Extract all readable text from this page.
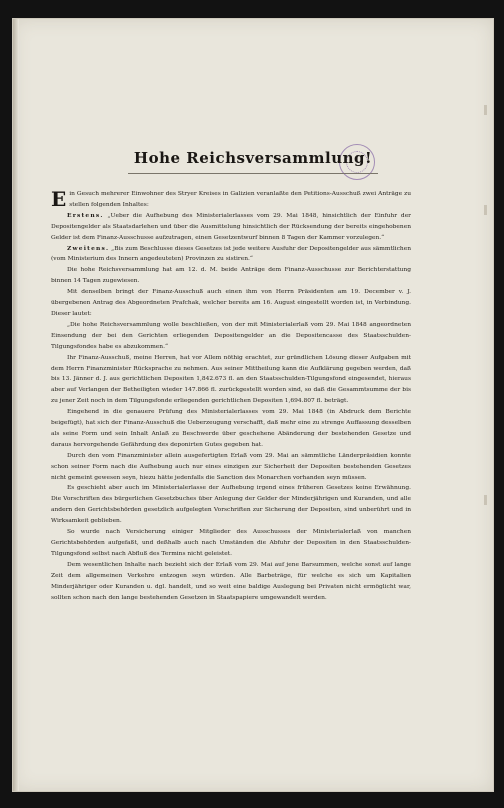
Hohe Reichsversammlung!

Ein Gesuch mehrerer Einwohner des Stryer Kreises in Galizien veranlaßte den Petitions-Ausschuß zwei Anträge zu stellen folgenden Inhaltes:

Erstens. „Ueber die Aufhebung des Ministerialerlasses vom 29. Mai 1848, hinsichtlich der Einfuhr der Depositengelder als Staatsdarlehen und über die Ausmittelung hinsichtlich der Rücksendung der bereits eingehobenen Gelder ist dem Finanz-Ausschusse aufzutragen, einen Gesetzentwurf binnen 8 Tagen der Kammer vorzulegen.“

Zweitens. „Bis zum Beschlusse dieses Gesetzes ist jede weitere Ausfuhr der Depositengelder aus sämmtlichen (vom Ministerium des Innern angedeuteten) Provinzen zu sistiren.“

Die hohe Reichsversammlung hat am 12. d. M. beide Anträge dem Finanz-Ausschusse zur Berichterstattung binnen 14 Tagen zugewiesen.

Mit denselben bringt der Finanz-Ausschuß auch einen ihm von Herrn Präsidenten am 19. December v. J. übergebenen Antrag des Abgeordneten Prafchak, welcher bereits am 16. August eingestellt worden ist, in Verbindung. Dieser lautet:

„Die hohe Reichsversammlung wolle beschließen, von der mit Ministerialerlaß vom 29. Mai 1848 angeordneten Einsendung der bei den Gerichten erliegenden Depositengelder an die Depositencasse des Staatsschulden-Tilgungsfondes habe es abzukommen.“

Ihr Finanz-Ausschuß, meine Herren, hat vor Allem nöthig erachtet, zur gründlichen Lösung dieser Aufgaben mit dem Herrn Finanzminister Rücksprache zu nehmen. Aus seiner Mittheilung kann die Aufklärung gegeben werden, daß bis 13. Jänner d. J. aus gerichtlichen Depositen 1,842.673 fl. an den Staatsschulden-Tilgungsfond eingesendet, hieraus aber auf Verlangen der Betheiligten wieder 147.866 fl. zurückgestellt worden sind, so daß die Gesammtsumme der bis zu jener Zeit noch in dem Tilgungsfonde erliegenden gerichtlichen Depositen 1,694.807 fl. beträgt.

Eingehend in die genauere Prüfung des Ministerialerlasses vom 29. Mai 1848 (in Abdruck dem Berichte beigefügt), hat sich der Finanz-Ausschuß die Ueberzeugung verschafft, daß mehr eine zu strenge Auffassung desselben als seine Form und sein Inhalt Anlaß zu Beschwerde über geschehene Abänderung der bestehenden Gesetze und daraus hervorgehende Gefährdung des deponirten Gutes gegeben hat.

Durch den vom Finanzminister allein ausgefertigten Erlaß vom 29. Mai an sämmtliche Länderpräsidien konnte schon seiner Form nach die Aufhebung auch nur eines einzigen zur Sicherheit der Depositen bestehenden Gesetzes nicht gemeint gewesen seyn, hiezu hätte jedenfalls die Sanction des Monarchen vorhanden seyn müssen.

Es geschieht aber auch im Ministerialerlasse der Aufhebung irgend eines früheren Gesetzes keine Erwähnung. Die Vorschriften des bürgerlichen Gesetzbuches über Anlegung der Gelder der Minderjährigen und Kuranden, und alle andern den Gerichtsbehörden gesetzlich aufgelegten Vorschriften zur Sicherung der Depositen, sind unberührt und in Wirksamkeit geblieben.

So wurde nach Versicherung einiger Mitglieder des Ausschusses der Ministerialerlaß von manchen Gerichtsbehörden aufgefaßt, und deßhalb auch nach Umständen die Abfuhr der Depositen in den Staatsschulden-Tilgungsfond selbst nach Abfluß des Termins nicht geleistet.

Dem wesentlichen Inhalte nach bezieht sich der Erlaß vom 29. Mai auf jene Barsummen, welche sonst auf lange Zeit dem allgemeinen Verkehre entzogen seyn würden. Alle Barbeträge, für welche es sich um Kapitalien Minderjähriger oder Kuranden u. dgl. handelt, und so weit eine baldige Auslegung bei Privaten nicht ermöglicht war, sollten schon nach den lange bestehenden Gesetzen in Staatspapiere umgewandelt werden.
